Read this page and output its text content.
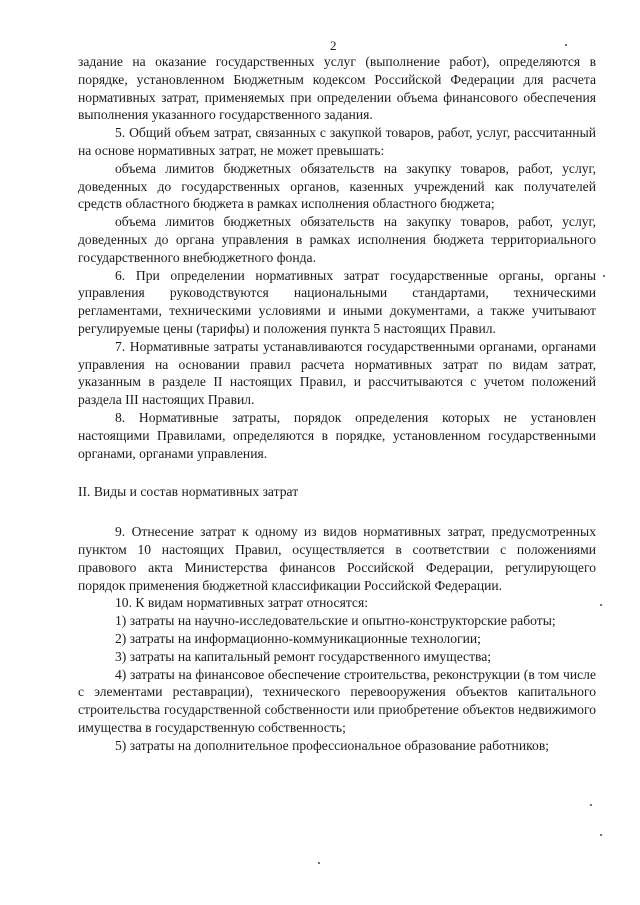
2

задание на оказание государственных услуг (выполнение работ), определяются в порядке, установленном Бюджетным кодексом Российской Федерации для расчета нормативных затрат, применяемых при определении объема финансового обеспечения выполнения указанного государственного задания.

5. Общий объем затрат, связанных с закупкой товаров, работ, услуг, рассчитанный на основе нормативных затрат, не может превышать:

объема лимитов бюджетных обязательств на закупку товаров, работ, услуг, доведенных до государственных органов, казенных учреждений как получателей средств областного бюджета в рамках исполнения областного бюджета;

объема лимитов бюджетных обязательств на закупку товаров, работ, услуг, доведенных до органа управления в рамках исполнения бюджета территориального государственного внебюджетного фонда.

6. При определении нормативных затрат государственные органы, органы управления руководствуются национальными стандартами, техническими регламентами, техническими условиями и иными документами, а также учитывают регулируемые цены (тарифы) и положения пункта 5 настоящих Правил.

7. Нормативные затраты устанавливаются государственными органами, органами управления на основании правил расчета нормативных затрат по видам затрат, указанным в разделе II настоящих Правил, и рассчитываются с учетом положений раздела III настоящих Правил.

8. Нормативные затраты, порядок определения которых не установлен настоящими Правилами, определяются в порядке, установленном государственными органами, органами управления.

II. Виды и состав нормативных затрат

9. Отнесение затрат к одному из видов нормативных затрат, предусмотренных пунктом 10 настоящих Правил, осуществляется в соответствии с положениями правового акта Министерства финансов Российской Федерации, регулирующего порядок применения бюджетной классификации Российской Федерации.

10. К видам нормативных затрат относятся:

1) затраты на научно-исследовательские и опытно-конструкторские работы;

2) затраты на информационно-коммуникационные технологии;

3) затраты на капитальный ремонт государственного имущества;

4) затраты на финансовое обеспечение строительства, реконструкции (в том числе с элементами реставрации), технического перевооружения объектов капитального строительства государственной собственности или приобретение объектов недвижимого имущества в государственную собственность;

5) затраты на дополнительное профессиональное образование работников;
